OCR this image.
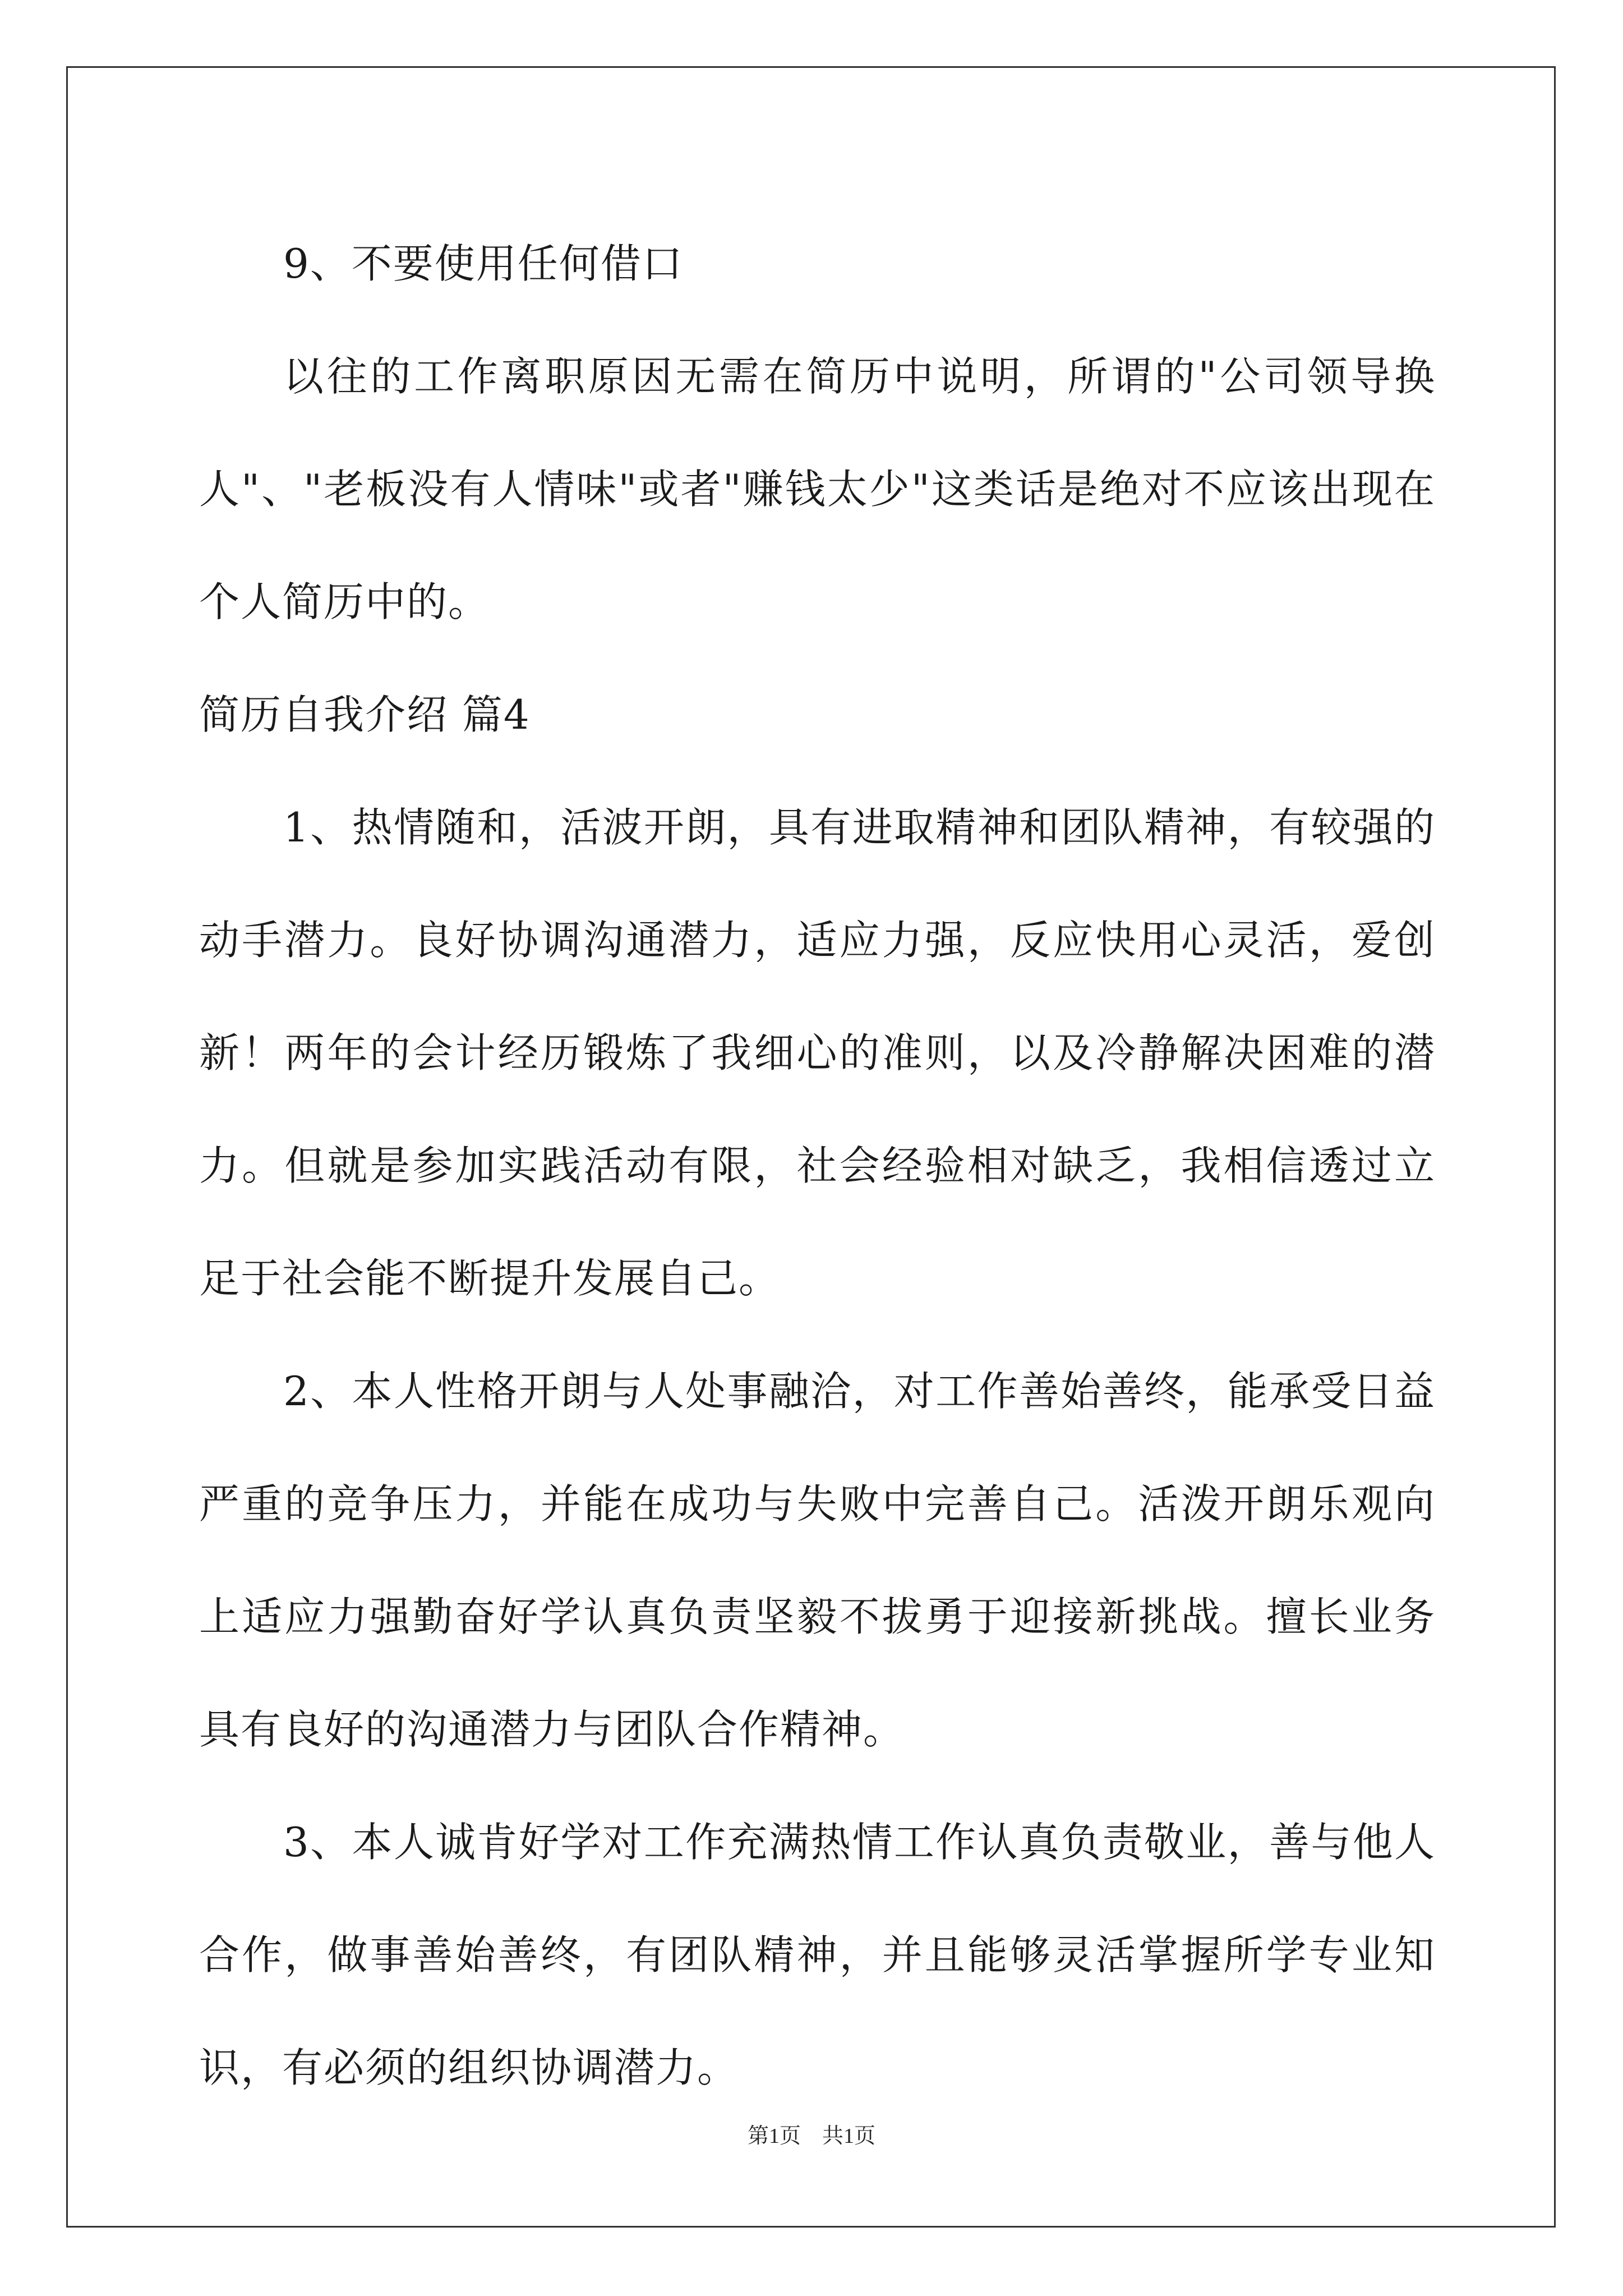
9、不要使用任何借口

以往的工作离职原因无需在简历中说明，所谓的"公司领导换人"、"老板没有人情味"或者"赚钱太少"这类话是绝对不应该出现在个人简历中的。

简历自我介绍 篇4

1、热情随和，活波开朗，具有进取精神和团队精神，有较强的动手潜力。良好协调沟通潜力，适应力强，反应快用心灵活，爱创新！两年的会计经历锻炼了我细心的准则，以及冷静解决困难的潜力。但就是参加实践活动有限，社会经验相对缺乏，我相信透过立足于社会能不断提升发展自己。

2、本人性格开朗与人处事融洽，对工作善始善终，能承受日益严重的竞争压力，并能在成功与失败中完善自己。活泼开朗乐观向上适应力强勤奋好学认真负责坚毅不拔勇于迎接新挑战。擅长业务具有良好的沟通潜力与团队合作精神。

3、本人诚肯好学对工作充满热情工作认真负责敬业，善与他人合作，做事善始善终，有团队精神，并且能够灵活掌握所学专业知识，有必须的组织协调潜力。

第1页　共1页
